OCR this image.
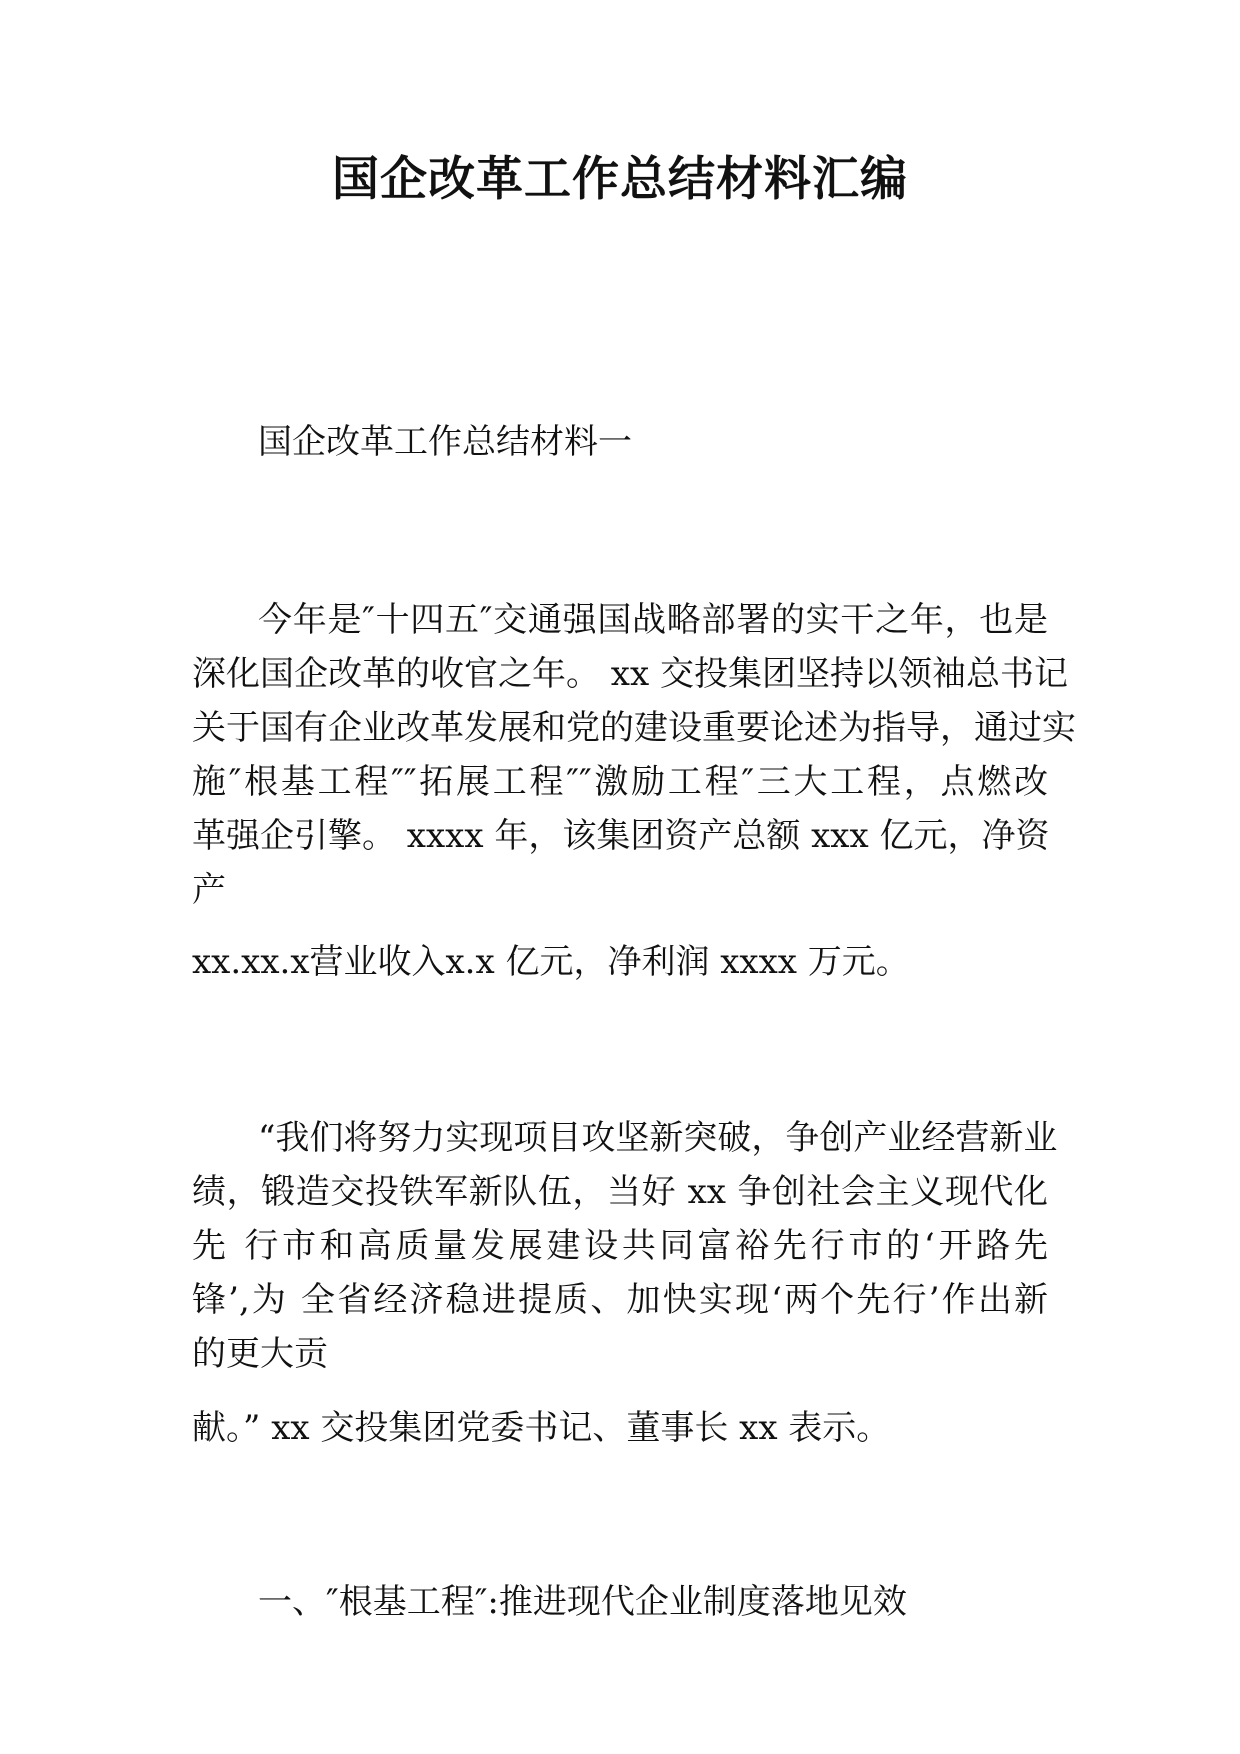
国企改革工作总结材料汇编

国企改革工作总结材料一

今年是″十四五″交通强国战略部署的实干之年，也是

深化国企改革的收官之年。 xx 交投集团坚持以领袖总书记

关于国有企业改革发展和党的建设重要论述为指导，通过实

施″根基工程″″拓展工程″″激励工程″三大工程，点燃改

革强企引擎。 xxxx 年，该集团资产总额 xxx 亿元，净资

产

xx.xx.x营业收入x.x 亿元，净利润 xxxx 万元。

“我们将努力实现项目攻坚新突破，争创产业经营新业

绩，锻造交投铁军新队伍，当好 xx 争创社会主义现代化

先 行市和高质量发展建设共同富裕先行市的‘开路先

锋’,为 全省经济稳进提质、加快实现‘两个先行’作出新

的更大贡

献。” xx 交投集团党委书记、董事长 xx 表示。

一、″根基工程″:推进现代企业制度落地见效
